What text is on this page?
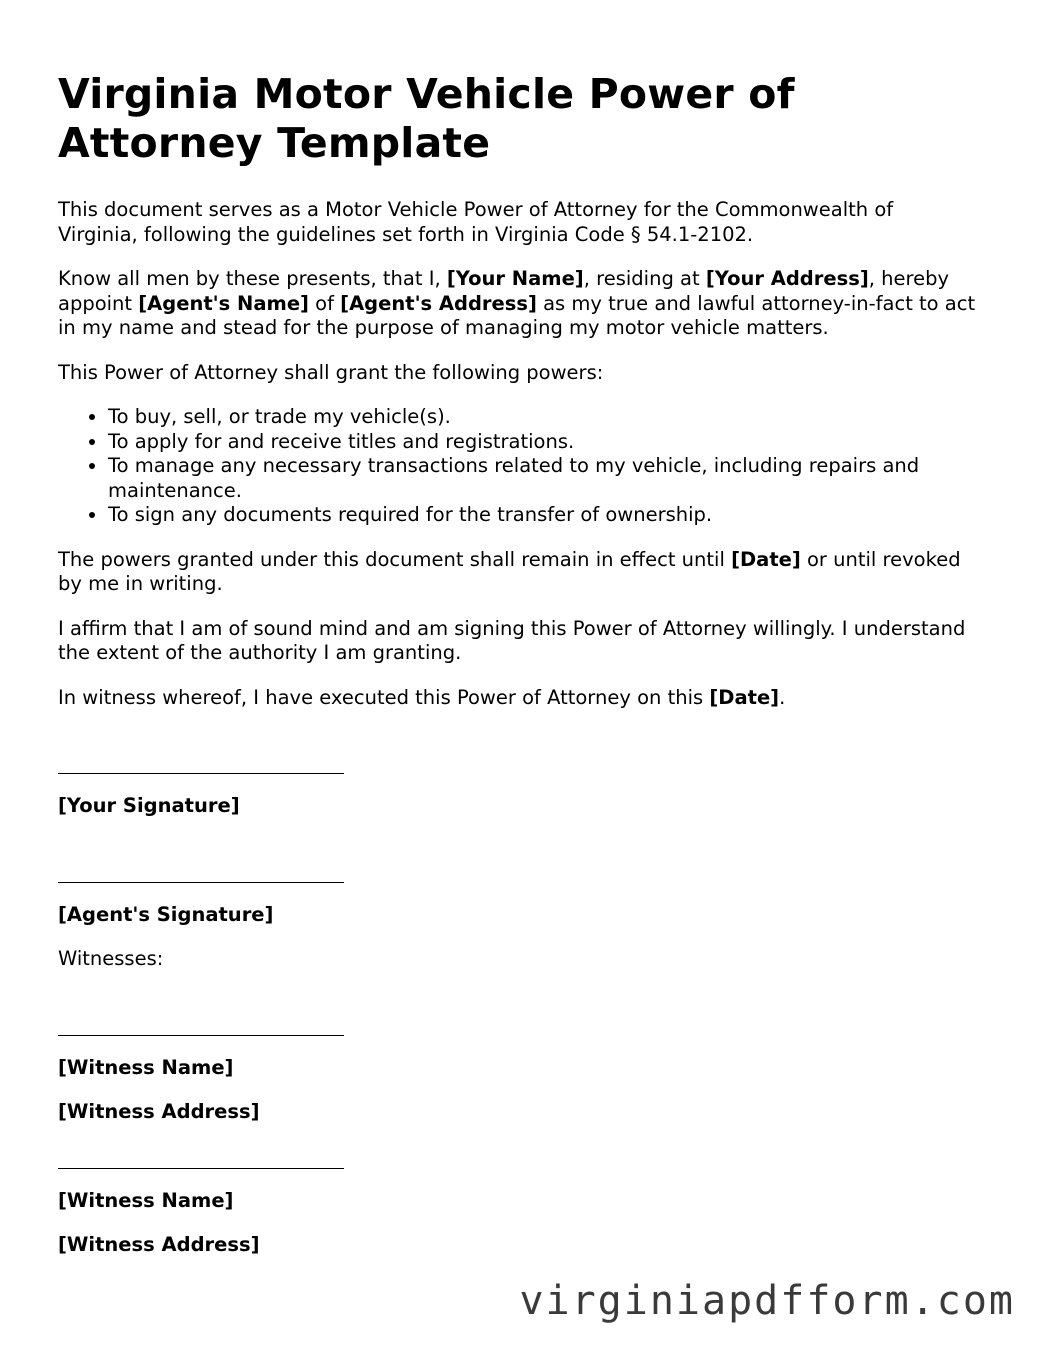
Virginia Motor Vehicle Power of Attorney Template

This document serves as a Motor Vehicle Power of Attorney for the Commonwealth of Virginia, following the guidelines set forth in Virginia Code § 54.1-2102.

Know all men by these presents, that I, [Your Name], residing at [Your Address], hereby appoint [Agent's Name] of [Agent's Address] as my true and lawful attorney-in-fact to act in my name and stead for the purpose of managing my motor vehicle matters.

This Power of Attorney shall grant the following powers:

• To buy, sell, or trade my vehicle(s).
• To apply for and receive titles and registrations.
• To manage any necessary transactions related to my vehicle, including repairs and maintenance.
• To sign any documents required for the transfer of ownership.

The powers granted under this document shall remain in effect until [Date] or until revoked by me in writing.

I affirm that I am of sound mind and am signing this Power of Attorney willingly. I understand the extent of the authority I am granting.

In witness whereof, I have executed this Power of Attorney on this [Date].

[Your Signature]
[Agent's Signature]

Witnesses:

[Witness Name]
[Witness Address]
[Witness Name]
[Witness Address]
virginiapdfform.com
